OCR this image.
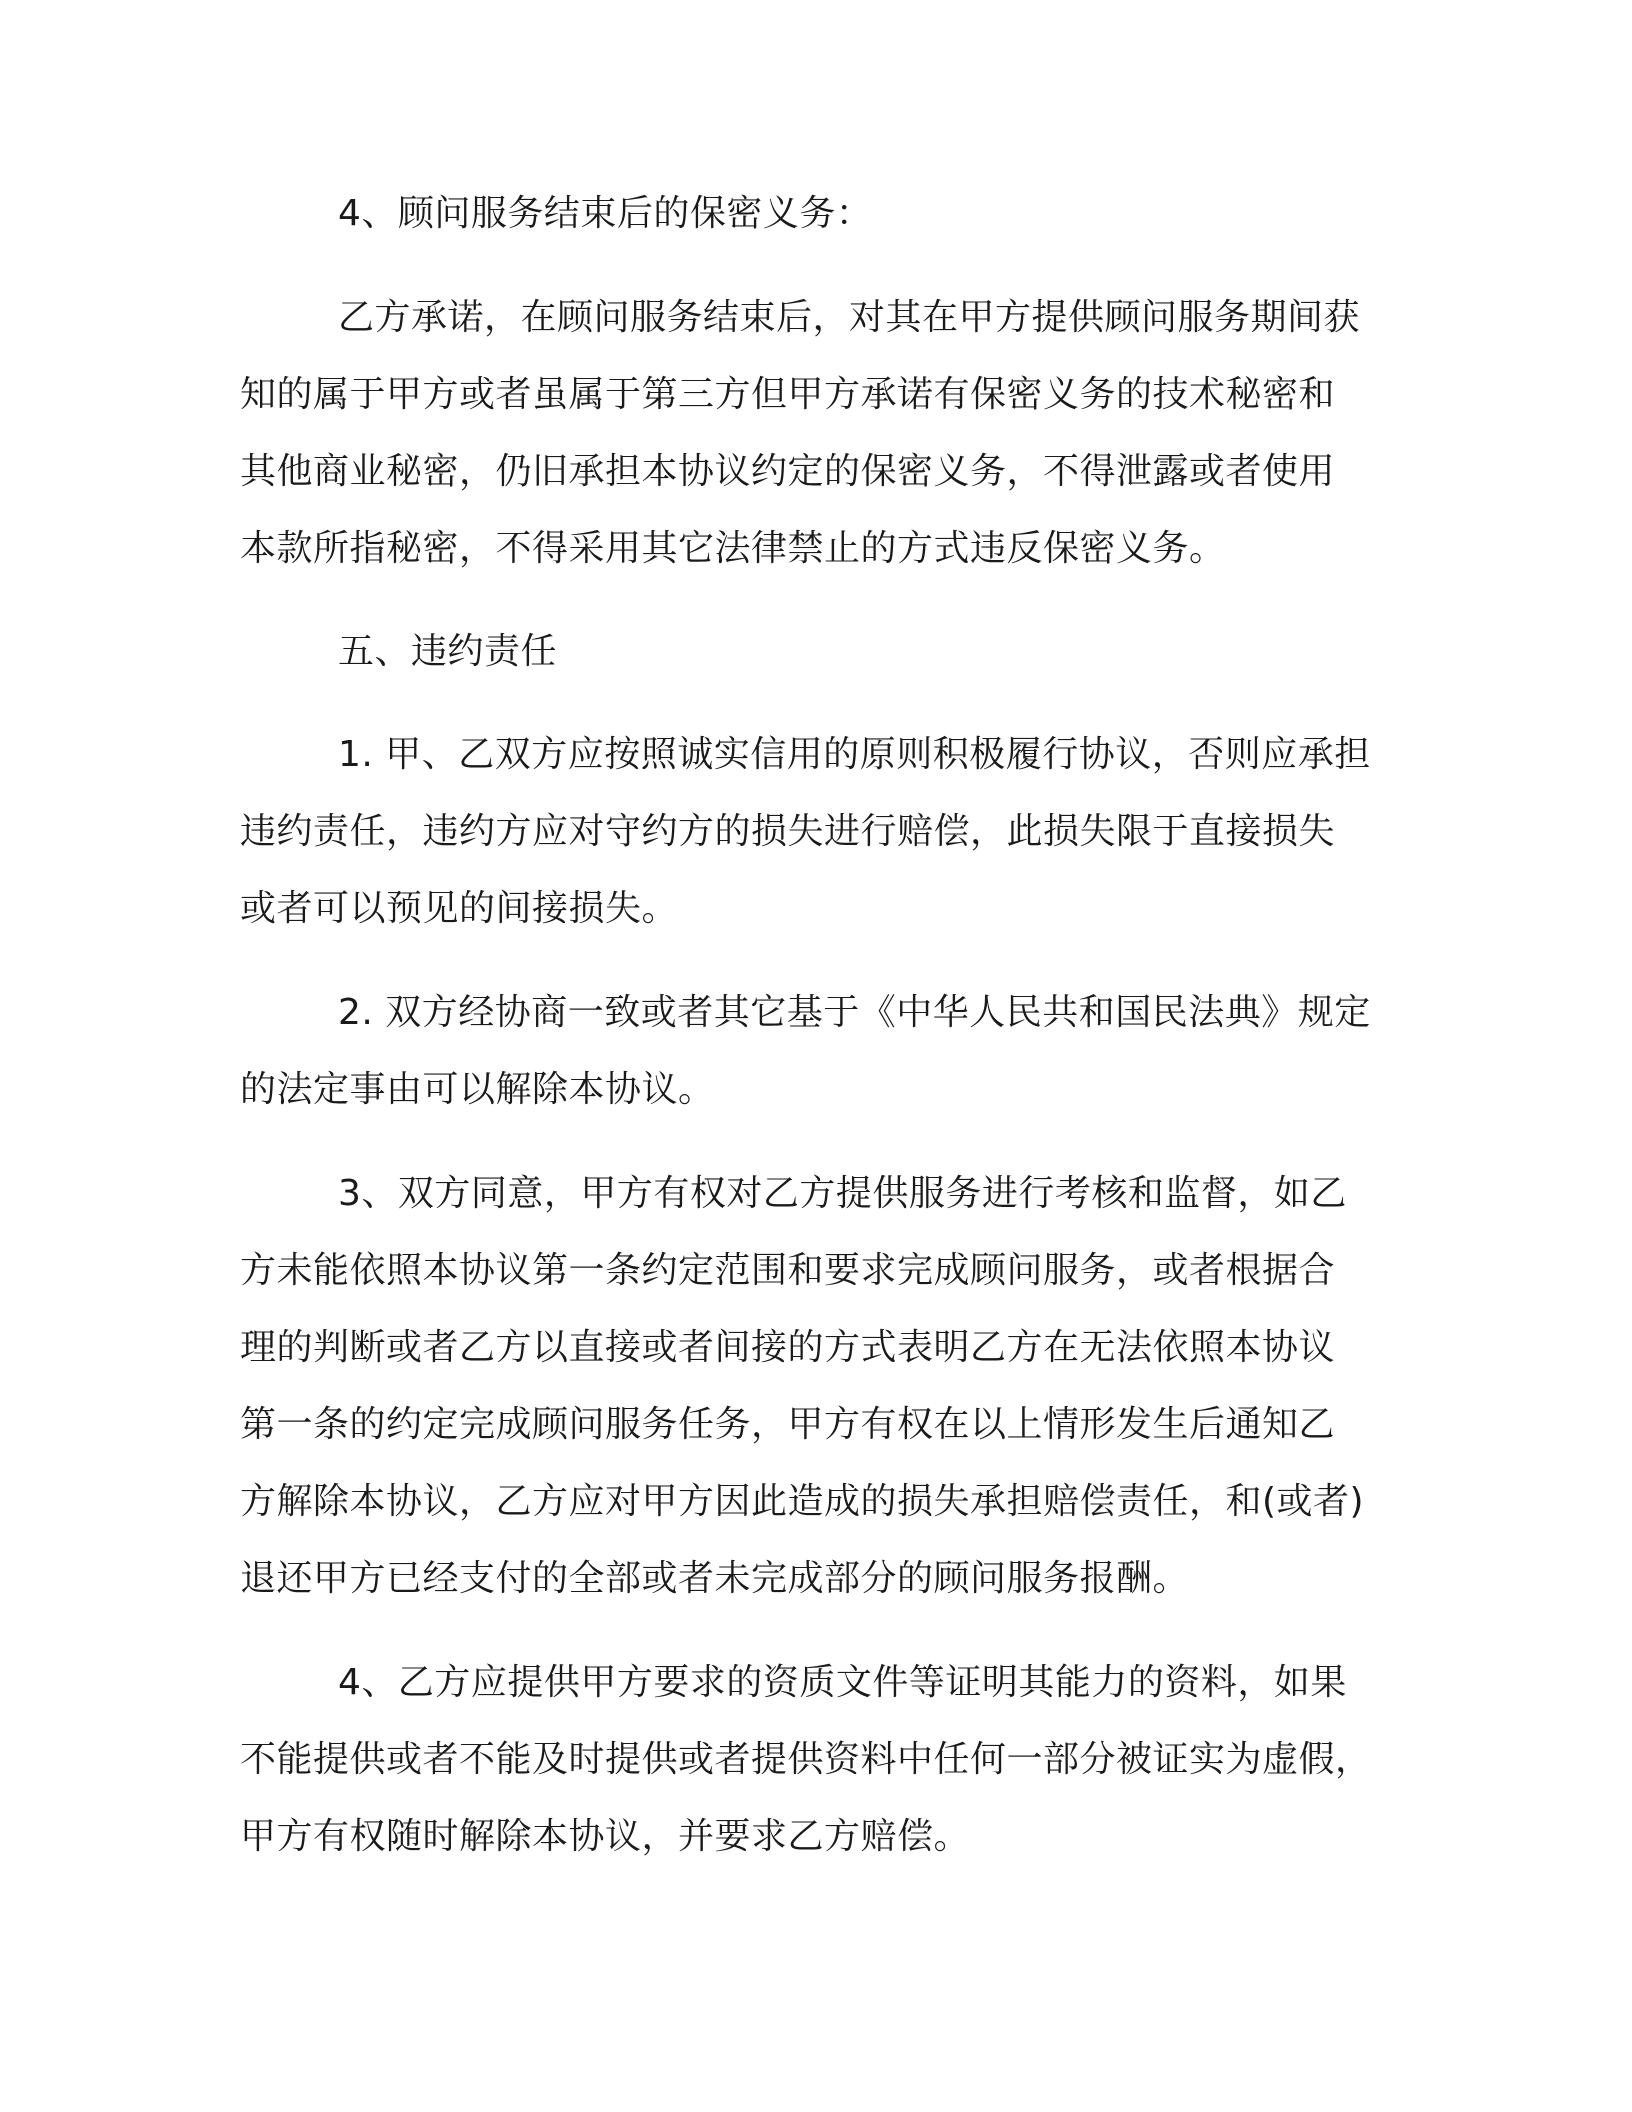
4、顾问服务结束后的保密义务：
乙方承诺，在顾问服务结束后，对其在甲方提供顾问服务期间获
知的属于甲方或者虽属于第三方但甲方承诺有保密义务的技术秘密和
其他商业秘密，仍旧承担本协议约定的保密义务，不得泄露或者使用
本款所指秘密，不得采用其它法律禁止的方式违反保密义务。
五、违约责任
1. 甲、乙双方应按照诚实信用的原则积极履行协议，否则应承担
违约责任，违约方应对守约方的损失进行赔偿，此损失限于直接损失
或者可以预见的间接损失。
2. 双方经协商一致或者其它基于《中华人民共和国民法典》规定
的法定事由可以解除本协议。
3、双方同意，甲方有权对乙方提供服务进行考核和监督，如乙
方未能依照本协议第一条约定范围和要求完成顾问服务，或者根据合
理的判断或者乙方以直接或者间接的方式表明乙方在无法依照本协议
第一条的约定完成顾问服务任务，甲方有权在以上情形发生后通知乙
方解除本协议，乙方应对甲方因此造成的损失承担赔偿责任，和(或者)
退还甲方已经支付的全部或者未完成部分的顾问服务报酬。
4、乙方应提供甲方要求的资质文件等证明其能力的资料，如果
不能提供或者不能及时提供或者提供资料中任何一部分被证实为虚假，
甲方有权随时解除本协议，并要求乙方赔偿。
